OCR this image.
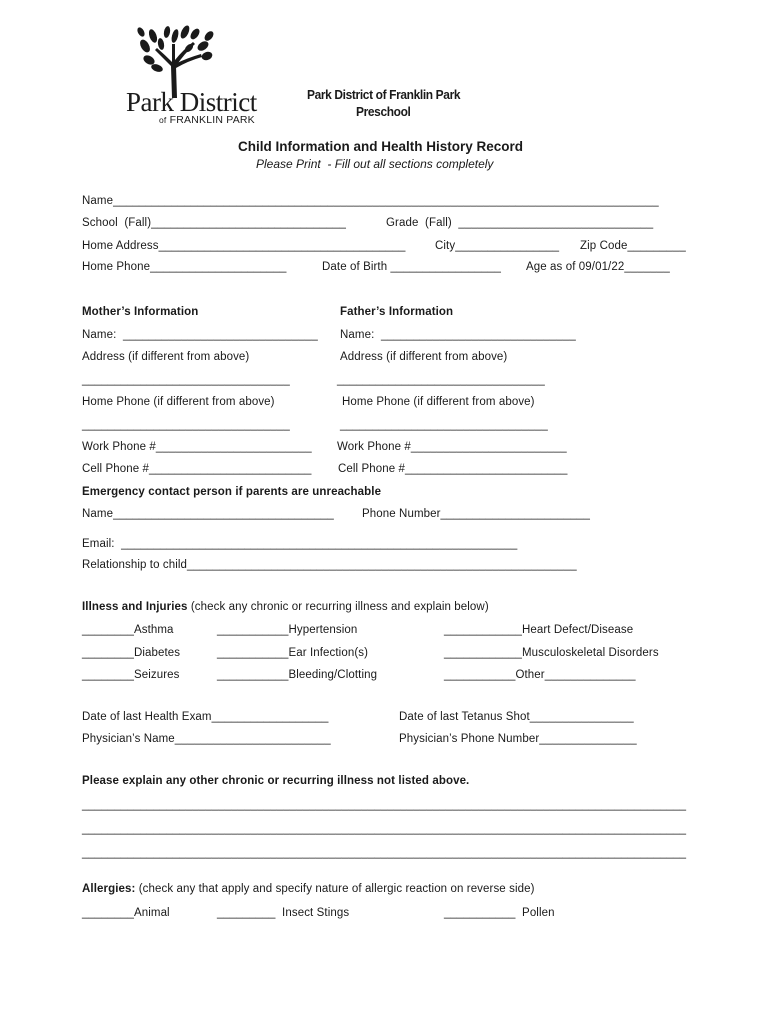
Park District
of FRANKLIN PARK
Park District of Franklin Park
Preschool
Child Information and Health History Record
Please Print  - Fill out all sections completely
Name____________________________________________________________________________________
School  (Fall)______________________________	Grade  (Fall)  ______________________________
Home Address______________________________________	City________________ Zip Code_________
Home Phone_____________________	Date of Birth _________________ Age as of 09/01/22_______
Mother’s Information
Name:  ______________________________
Address (if different from above)
________________________________
Home Phone (if different from above)
________________________________
Work Phone #________________________
Cell Phone #_________________________
Father’s Information
Name:  ______________________________
Address (if different from above)
________________________________
Home Phone (if different from above)
________________________________
Work Phone #________________________
Cell Phone #_________________________
Emergency contact person if parents are unreachable
Name__________________________________ Phone Number_______________________
Email:  _____________________________________________________________
Relationship to child____________________________________________________________
Illness and Injuries (check any chronic or recurring illness and explain below)
________Asthma	___________Hypertension	____________Heart Defect/Disease
________Diabetes	___________Ear Infection(s)	____________Musculoskeletal Disorders
________Seizures	___________Bleeding/Clotting	___________Other______________
Date of last Health Exam__________________	Date of last Tetanus Shot________________
Physician’s Name________________________	Physician’s Phone Number_______________
Please explain any other chronic or recurring illness not listed above.
_____________________________________________________________________________________________
_____________________________________________________________________________________________
_____________________________________________________________________________________________
Allergies: (check any that apply and specify nature of allergic reaction on reverse side)
________Animal	_________  Insect Stings	___________  Pollen
